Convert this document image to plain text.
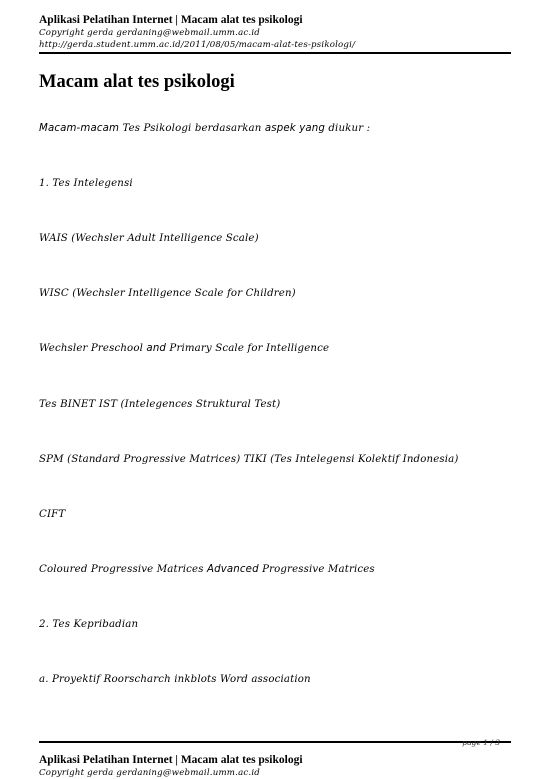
Aplikasi Pelatihan Internet | Macam alat tes psikologi
Copyright gerda gerdaning@webmail.umm.ac.id
http://gerda.student.umm.ac.id/2011/08/05/macam-alat-tes-psikologi/
Macam alat tes psikologi
Macam-macam Tes Psikologi berdasarkan aspek yang diukur :
1. Tes Intelegensi
WAIS (Wechsler Adult Intelligence Scale)
WISC (Wechsler Intelligence Scale for Children)
Wechsler Preschool and Primary Scale for Intelligence
Tes BINET IST (Intelegences Struktural Test)
SPM (Standard Progressive Matrices) TIKI (Tes Intelegensi Kolektif Indonesia)
CIFT
Coloured Progressive Matrices Advanced Progressive Matrices
2. Tes Kepribadian
a. Proyektif Roorscharch inkblots Word association
page 1 / 3
Aplikasi Pelatihan Internet | Macam alat tes psikologi
Copyright gerda gerdaning@webmail.umm.ac.id
